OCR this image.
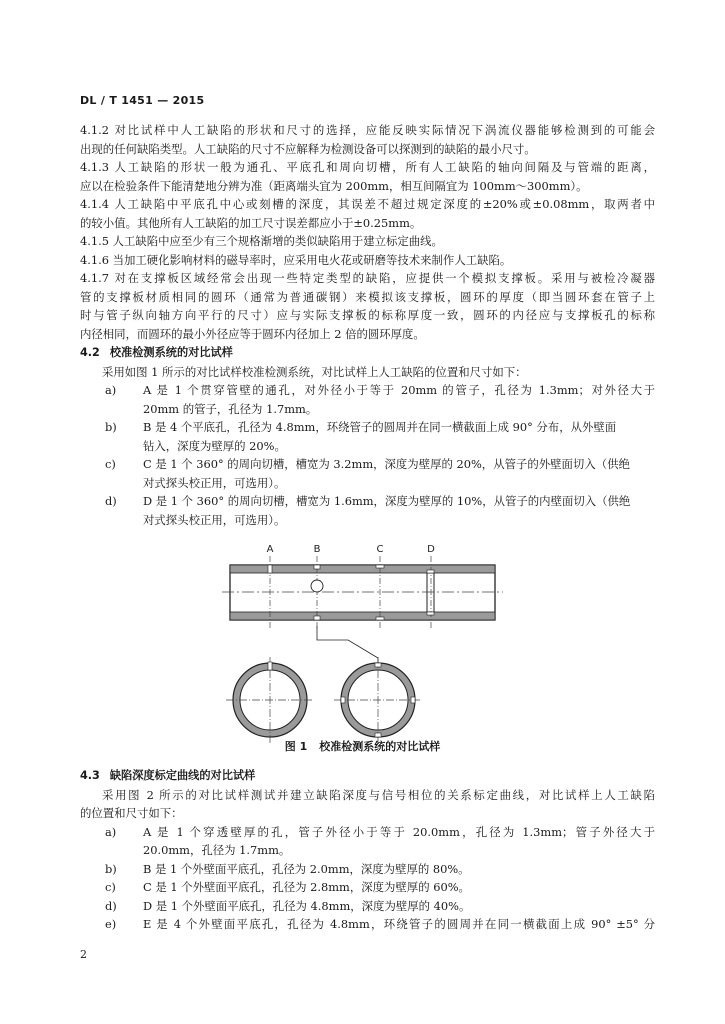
DL / T 1451 — 2015
4.1.2 对比试样中人工缺陷的形状和尺寸的选择，应能反映实际情况下涡流仪器能够检测到的可能会
出现的任何缺陷类型。人工缺陷的尺寸不应解释为检测设备可以探测到的缺陷的最小尺寸。
4.1.3 人工缺陷的形状一般为通孔、平底孔和周向切槽，所有人工缺陷的轴向间隔及与管端的距离，
应以在检验条件下能清楚地分辨为准（距离端头宜为 200mm，相互间隔宜为 100mm～300mm）。
4.1.4 人工缺陷中平底孔中心或刻槽的深度，其误差不超过规定深度的±20%或±0.08mm，取两者中
的较小值。其他所有人工缺陷的加工尺寸误差都应小于±0.25mm。
4.1.5 人工缺陷中应至少有三个规格渐增的类似缺陷用于建立标定曲线。
4.1.6 当加工硬化影响材料的磁导率时，应采用电火花或研磨等技术来制作人工缺陷。
4.1.7 对在支撑板区域经常会出现一些特定类型的缺陷，应提供一个模拟支撑板。采用与被检冷凝器
管的支撑板材质相同的圆环（通常为普通碳钢）来模拟该支撑板，圆环的厚度（即当圆环套在管子上
时与管子纵向轴方向平行的尺寸）应与实际支撑板的标称厚度一致，圆环的内径应与支撑板孔的标称
内径相同，而圆环的最小外径应等于圆环内径加上 2 倍的圆环厚度。
4.2 校准检测系统的对比试样
采用如图 1 所示的对比试样校准检测系统，对比试样上人工缺陷的位置和尺寸如下：
a) A 是 1 个贯穿管壁的通孔，对外径小于等于 20mm 的管子，孔径为 1.3mm；对外径大于
20mm 的管子，孔径为 1.7mm。
b) B 是 4 个平底孔，孔径为 4.8mm，环绕管子的圆周并在同一横截面上成 90° 分布，从外壁面
钻入，深度为壁厚的 20%。
c) C 是 1 个 360° 的周向切槽，槽宽为 3.2mm，深度为壁厚的 20%，从管子的外壁面切入（供绝
对式探头校正用，可选用）。
d) D 是 1 个 360° 的周向切槽，槽宽为 1.6mm，深度为壁厚的 10%，从管子的内壁面切入（供绝
对式探头校正用，可选用）。
A	B	C	D
图 1 校准检测系统的对比试样
4.3 缺陷深度标定曲线的对比试样
采用图 2 所示的对比试样测试并建立缺陷深度与信号相位的关系标定曲线，对比试样上人工缺陷
的位置和尺寸如下：
a) A 是 1 个穿透壁厚的孔，管子外径小于等于 20.0mm，孔径为 1.3mm；管子外径大于
20.0mm，孔径为 1.7mm。
b) B 是 1 个外壁面平底孔，孔径为 2.0mm，深度为壁厚的 80%。
c) C 是 1 个外壁面平底孔，孔径为 2.8mm，深度为壁厚的 60%。
d) D 是 1 个外壁面平底孔，孔径为 4.8mm，深度为壁厚的 40%。
e) E 是 4 个外壁面平底孔，孔径为 4.8mm，环绕管子的圆周并在同一横截面上成 90° ±5° 分
2
